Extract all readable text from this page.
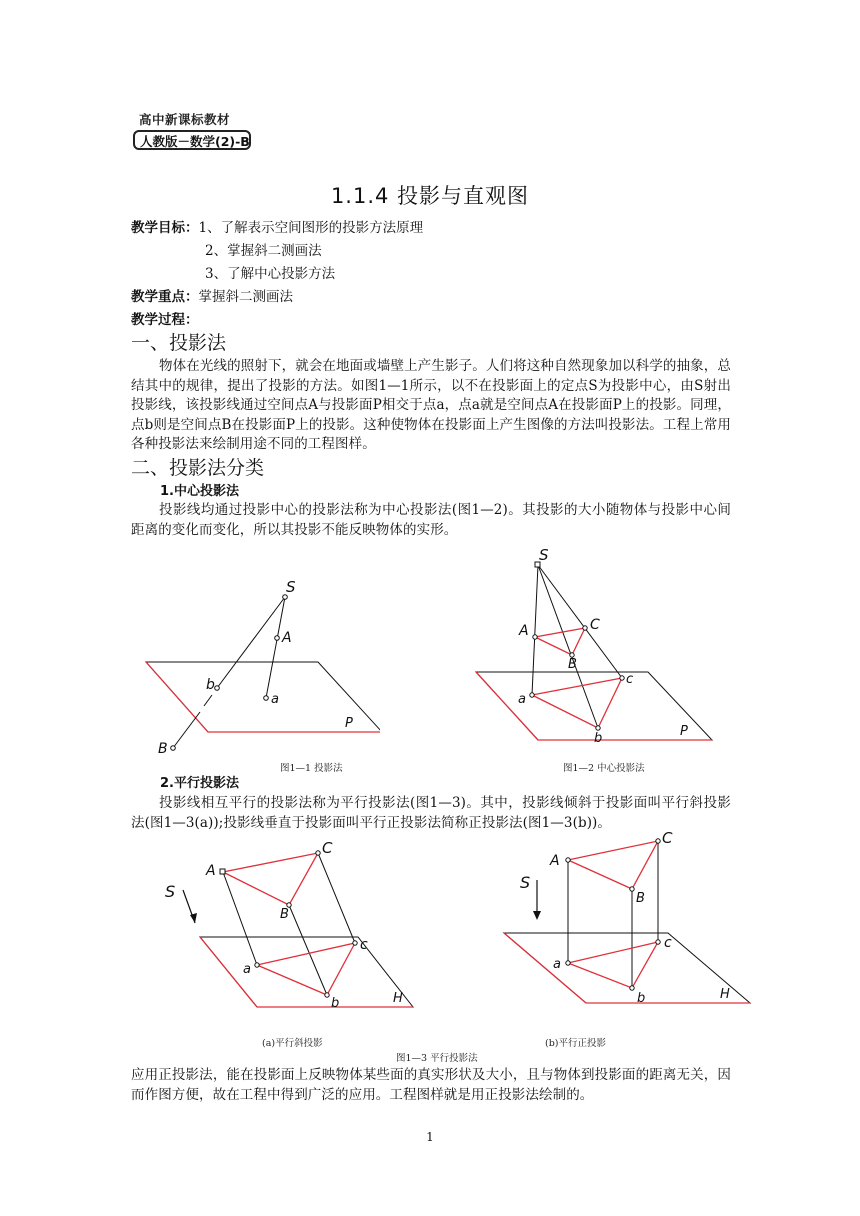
高中新课标教材
人教版－数学(2)-B
1.1.4 投影与直观图
教学目标：1、了解表示空间图形的投影方法原理
2、掌握斜二测画法
3、了解中心投影方法
教学重点：掌握斜二测画法
教学过程：
一、投影法
物体在光线的照射下，就会在地面或墙壁上产生影子。人们将这种自然现象加以科学的抽象，总结其中的规律，提出了投影的方法。如图1—1所示，以不在投影面上的定点S为投影中心，由S射出投影线，该投影线通过空间点A与投影面P相交于点a，点a就是空间点A在投影面P上的投影。同理，点b则是空间点B在投影面P上的投影。这种使物体在投影面上产生图像的方法叫投影法。工程上常用各种投影法来绘制用途不同的工程图样。
二、投影法分类
1.中心投影法
投影线均通过投影中心的投影法称为中心投影法(图1—2)。其投影的大小随物体与投影中心间距离的变化而变化，所以其投影不能反映物体的实形。
S
A
a
b
B
P
图1—1 投影法
S
A	C
B
a
c
b	P
图1—2 中心投影法
2.平行投影法
投影线相互平行的投影法称为平行投影法(图1—3)。其中，投影线倾斜于投影面叫平行斜投影法(图1—3(a));投影线垂直于投影面叫平行正投影法简称正投影法(图1—3(b))。
S
A
C
B
a
c
b	H
S
A
C
B
a
c
b	H
(a)平行斜投影	(b)平行正投影
图1—3 平行投影法
应用正投影法，能在投影面上反映物体某些面的真实形状及大小，且与物体到投影面的距离无关，因而作图方便，故在工程中得到广泛的应用。工程图样就是用正投影法绘制的。
1
